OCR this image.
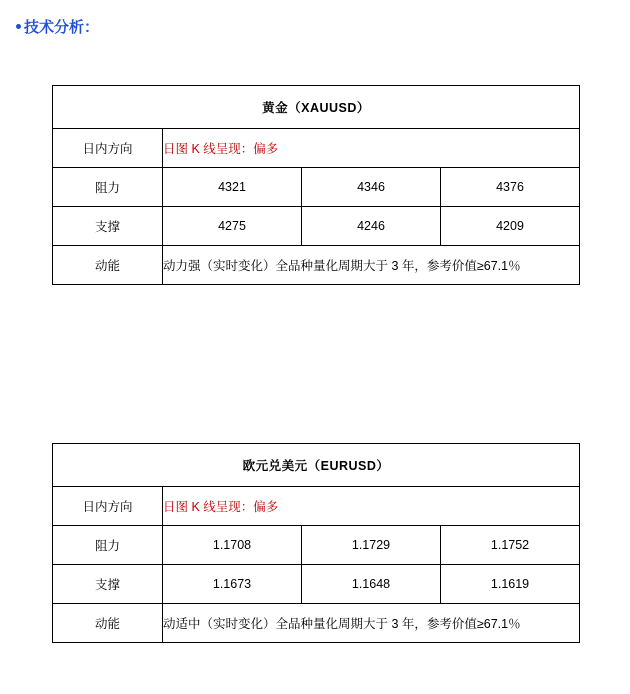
技术分析：
黄金（XAUUSD）			
日内方向	日图 K 线呈现：偏多		
阻力	4321	4346	4376
支撑	4275	4246	4209
动能	动力强（实时变化）全品种量化周期大于 3 年，参考价值≥67.1％		
欧元兑美元（EURUSD）			
日内方向	日图 K 线呈现：偏多		
阻力	1.1708	1.1729	1.1752
支撑	1.1673	1.1648	1.1619
动能	动适中（实时变化）全品种量化周期大于 3 年，参考价值≥67.1％		
